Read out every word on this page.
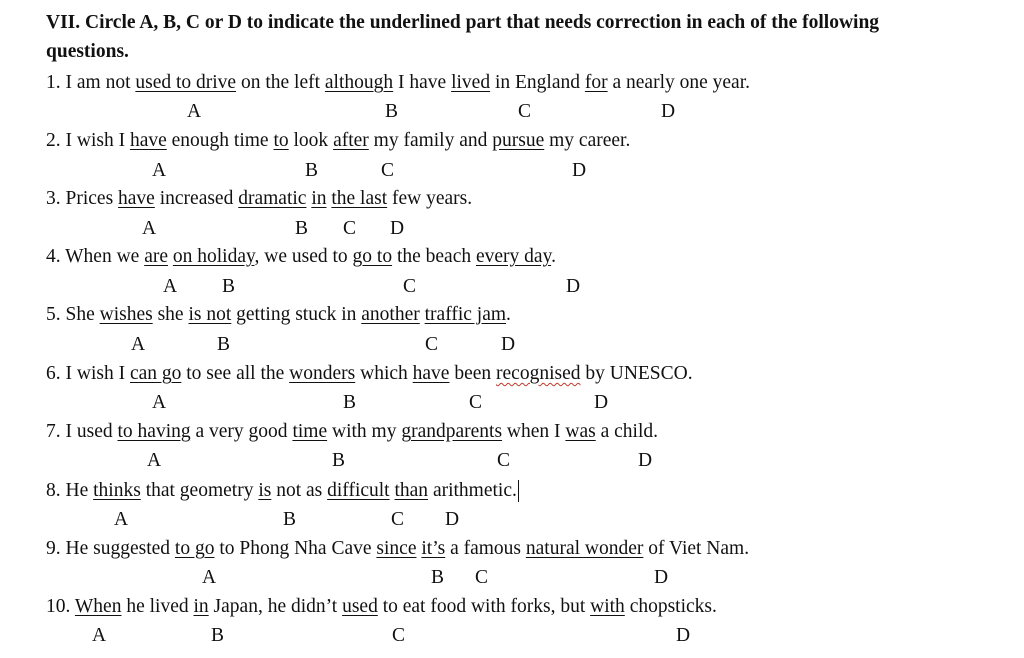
VII. Circle A, B, C or D to indicate the underlined part that needs correction in each of the following
questions.
1. I am not used to drive on the left although I have lived in England for a nearly one year.
A	B	C	D
2. I wish I have enough time to look after my family and pursue my career.
A	B	C	D
3. Prices have increased dramatic in the last few years.
A	B C D
4. When we are on holiday, we used to go to the beach every day.
A B	C	D
5. She wishes she is not getting stuck in another traffic jam.
A	B	C	D
6. I wish I can go to see all the wonders which have been recognised by UNESCO.
A	B	C	D
7. I used to having a very good time with my grandparents when I was a child.
A	B	C	D
8. He thinks that geometry is not as difficult than arithmetic.
A	B	C D
9. He suggested to go to Phong Nha Cave since it’s a famous natural wonder of Viet Nam.
A	B C	D
10. When he lived in Japan, he didn’t used to eat food with forks, but with chopsticks.
A	B	C	D
